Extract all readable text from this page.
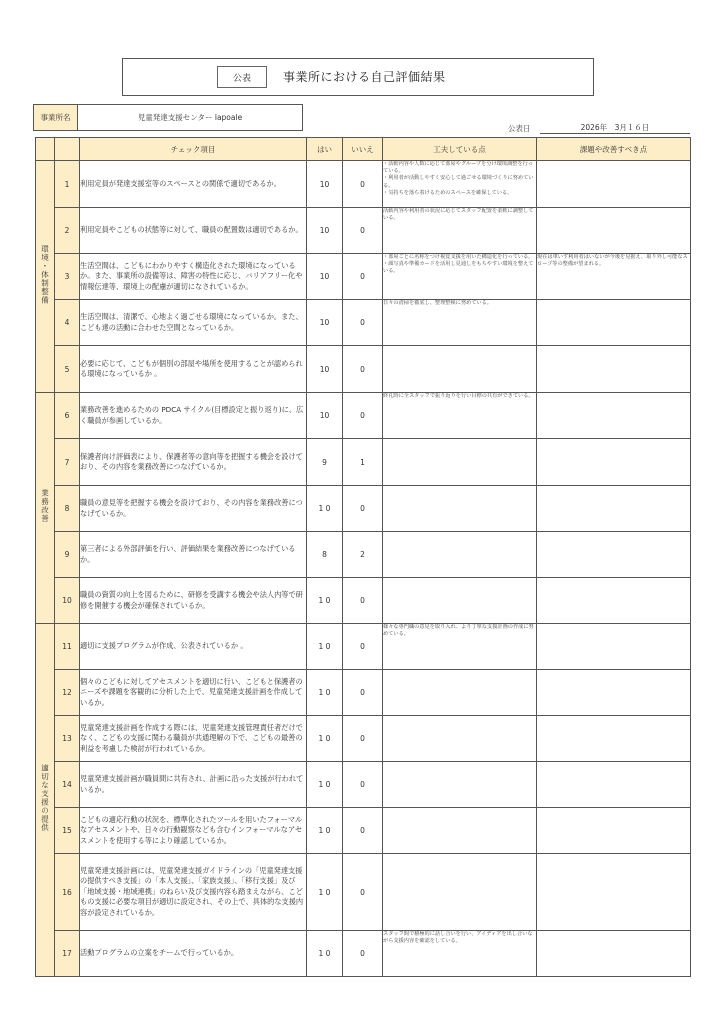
公表	事業所における自己評価結果
事業所名	児童発達支援センター lapoale
公表日	2026年　3月１６日
		チェック項目	はい	いいえ	工夫している点	課題や改善すべき点
環境・体制整備	1	利用定員が発達支援室等のスペースとの関係で適切であるか。	10	0	・活動内容や人数に応じて部屋やグループを分け環境調整を行っている。
・利用者が活動しやすく安心して過ごせる環境づくりに努めている。
・気持ちを落ち着けるためのスペースを確保している。	

	2	利用定員やこどもの状態等に対して、職員の配置数は適切であるか。	10	0	活動内容や利用者の状況に応じてスタッフ配置を柔軟に調整している。	

	3	生活空間は、こどもにわかりやすく構造化された環境になっているか。また、事業所の設備等は、障害の特性に応じ、バリアフリー化や情報伝達等、環境上の配慮が適切になされているか。	10	0	・部屋ごとに名称をつけ視覚支援を用いた構造化を行っている。
・顔写真や準備カードを活用し見通しをもちやすい環境を整えている。	現在は車いす利用者はいないが今後を見据え、取り外し可能なスロープ等の整備が望まれる。

	4	生活空間は、清潔で、心地よく過ごせる環境になっているか。また、こども達の活動に合わせた空間となっているか。	10	0	日々の清掃を徹底し、整理整頓に努めている。	

	5	必要に応じて、こどもが個別の部屋や場所を使用することが認められる環境になっているか 。	10	0	

業務改善	6	業務改善を進めるための PDCA サイクル(目標設定と振り返り)に、広く職員が参画しているか。	10	0	終礼時に全スタッフで振り返りを行い目標の共有ができている。	

	7	保護者向け評価表により、保護者等の意向等を把握する機会を設けており、その内容を業務改善につなげているか。	9	1	

	8	職員の意見等を把握する機会を設けており、その内容を業務改善につなげているか。	1 0	0	

	9	第三者による外部評価を行い、評価結果を業務改善につなげているか。	8	2	

	10	職員の資質の向上を図るために、研修を受講する機会や法人内等で研修を開催する機会が確保されているか。	1 0	0	

適切な支援の提供	11	適切に支援プログラムが作成、公表されているか 。	1 0	0	様々な専門職の意見を取り入れ、より丁寧な支援計画の作成に努めている。	

	12	個々のこどもに対してアセスメントを適切に行い、こどもと保護者のニーズや課題を客観的に分析した上で、児童発達支援計画を作成しているか。	1 0	0	

	13	児童発達支援計画を作成する際には、児童発達支援管理責任者だけでなく、こどもの支援に関わる職員が共通理解の下で、こどもの最善の利益を考慮した検討が行われているか。	1 0	0	

	14	児童発達支援計画が職員間に共有され、計画に沿った支援が行われているか。	1 0	0	

	15	こどもの適応行動の状況を、標準化されたツールを用いたフォーマルなアセスメントや、日々の行動観察なども含むインフォーマルなアセスメントを使用する等により確認しているか。	1 0	0	

	16	児童発達支援計画には、児童発達支援ガイドラインの「児童発達支援の提供すべき支援」の「本人支援」、「家族支援」、「移行支援」及び「地域支援・地域連携」のねらい及び支援内容も踏まえながら、こどもの支援に必要な項目が適切に設定され、その上で、具体的な支援内容が設定されているか。	1 0	0	

	17	活動プログラムの立案をチームで行っているか。	1 0	0	スタッフ間で積極的に話し合いを行い、アイディアを出し合いながら支援内容を確認をしている。	
